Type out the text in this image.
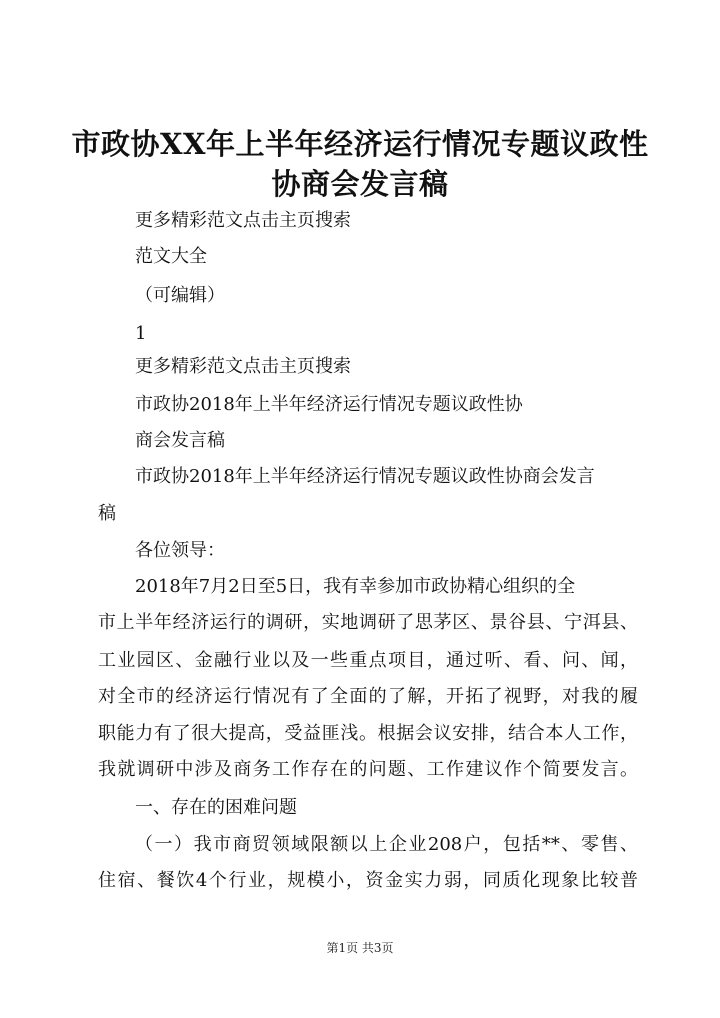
市政协XX年上半年经济运行情况专题议政性
协商会发言稿

更多精彩范文点击主页搜索

范文大全

（可编辑）

1

更多精彩范文点击主页搜索

市政协2018年上半年经济运行情况专题议政性协

商会发言稿

市政协2018年上半年经济运行情况专题议政性协商会发言

稿

各位领导：

2018年7月2日至5日，我有幸参加市政协精心组织的全

市上半年经济运行的调研，实地调研了思茅区、景谷县、宁洱县、

工业园区、金融行业以及一些重点项目，通过听、看、问、闻，

对全市的经济运行情况有了全面的了解，开拓了视野，对我的履

职能力有了很大提高，受益匪浅。根据会议安排，结合本人工作，

我就调研中涉及商务工作存在的问题、工作建议作个简要发言。

一、存在的困难问题

（一）我市商贸领域限额以上企业208户，包括**、零售、

住宿、餐饮4个行业，规模小，资金实力弱，同质化现象比较普

第1页 共3页
